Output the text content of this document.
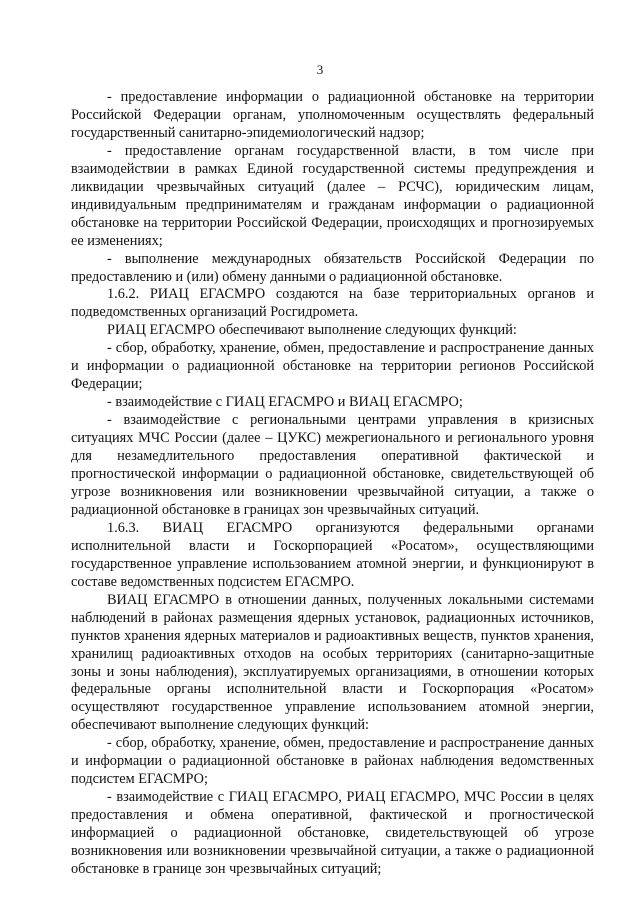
3

- предоставление информации о радиационной обстановке на территории Российской Федерации органам, уполномоченным осуществлять федеральный государственный санитарно-эпидемиологический надзор;

- предоставление органам государственной власти, в том числе при взаимодействии в рамках Единой государственной системы предупреждения и ликвидации чрезвычайных ситуаций (далее – РСЧС), юридическим лицам, индивидуальным предпринимателям и гражданам информации о радиационной обстановке на территории Российской Федерации, происходящих и прогнозируемых ее изменениях;

- выполнение международных обязательств Российской Федерации по предоставлению и (или) обмену данными о радиационной обстановке.

1.6.2. РИАЦ ЕГАСМРО создаются на базе территориальных органов и подведомственных организаций Росгидромета.

РИАЦ ЕГАСМРО обеспечивают выполнение следующих функций:

- сбор, обработку, хранение, обмен, предоставление и распространение данных и информации о радиационной обстановке на территории регионов Российской Федерации;

- взаимодействие с ГИАЦ ЕГАСМРО и ВИАЦ ЕГАСМРО;

- взаимодействие с региональными центрами управления в кризисных ситуациях МЧС России (далее – ЦУКС) межрегионального и регионального уровня для незамедлительного предоставления оперативной фактической и прогностической информации о радиационной обстановке, свидетельствующей об угрозе возникновения или возникновении чрезвычайной ситуации, а также о радиационной обстановке в границах зон чрезвычайных ситуаций.

1.6.3. ВИАЦ ЕГАСМРО организуются федеральными органами исполнительной власти и Госкорпорацией «Росатом», осуществляющими государственное управление использованием атомной энергии, и функционируют в составе ведомственных подсистем ЕГАСМРО.

ВИАЦ ЕГАСМРО в отношении данных, полученных локальными системами наблюдений в районах размещения ядерных установок, радиационных источников, пунктов хранения ядерных материалов и радиоактивных веществ, пунктов хранения, хранилищ радиоактивных отходов на особых территориях (санитарно-защитные зоны и зоны наблюдения), эксплуатируемых организациями, в отношении которых федеральные органы исполнительной власти и Госкорпорация «Росатом» осуществляют государственное управление использованием атомной энергии, обеспечивают выполнение следующих функций:

- сбор, обработку, хранение, обмен, предоставление и распространение данных и информации о радиационной обстановке в районах наблюдения ведомственных подсистем ЕГАСМРО;

- взаимодействие с ГИАЦ ЕГАСМРО, РИАЦ ЕГАСМРО, МЧС России в целях предоставления и обмена оперативной, фактической и прогностической информацией о радиационной обстановке, свидетельствующей об угрозе возникновения или возникновении чрезвычайной ситуации, а также о радиационной обстановке в границе зон чрезвычайных ситуаций;
